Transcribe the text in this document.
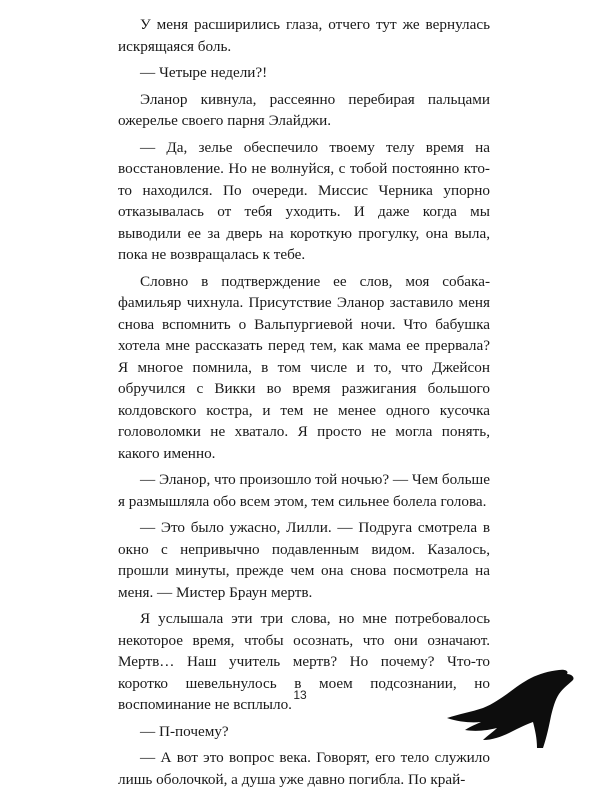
У меня расширились глаза, отчего тут же вернулась искрящаяся боль.

— Четыре недели?!

Эланор кивнула, рассеянно перебирая пальцами ожерелье своего парня Элайджи.

— Да, зелье обеспечило твоему телу время на восстановление. Но не волнуйся, с тобой постоянно кто-то находился. По очереди. Миссис Черника упорно отказывалась от тебя уходить. И даже когда мы выводили ее за дверь на короткую прогулку, она выла, пока не возвращалась к тебе.

Словно в подтверждение ее слов, моя собака-фамильяр чихнула. Присутствие Эланор заставило меня снова вспомнить о Вальпургиевой ночи. Что бабушка хотела мне рассказать перед тем, как мама ее прервала? Я многое помнила, в том числе и то, что Джейсон обручился с Викки во время разжигания большого колдовского костра, и тем не менее одного кусочка головоломки не хватало. Я просто не могла понять, какого именно.

— Эланор, что произошло той ночью? — Чем больше я размышляла обо всем этом, тем сильнее болела голова.

— Это было ужасно, Лилли. — Подруга смотрела в окно с непривычно подавленным видом. Казалось, прошли минуты, прежде чем она снова посмотрела на меня. — Мистер Браун мертв.

Я услышала эти три слова, но мне потребовалось некоторое время, чтобы осознать, что они означают. Мертв… Наш учитель мертв? Но почему? Что-то коротко шевельнулось в моем подсознании, но воспоминание не всплыло.

— П-почему?

— А вот это вопрос века. Говорят, его тело служило лишь оболочкой, а душа уже давно погибла. По край-

13
